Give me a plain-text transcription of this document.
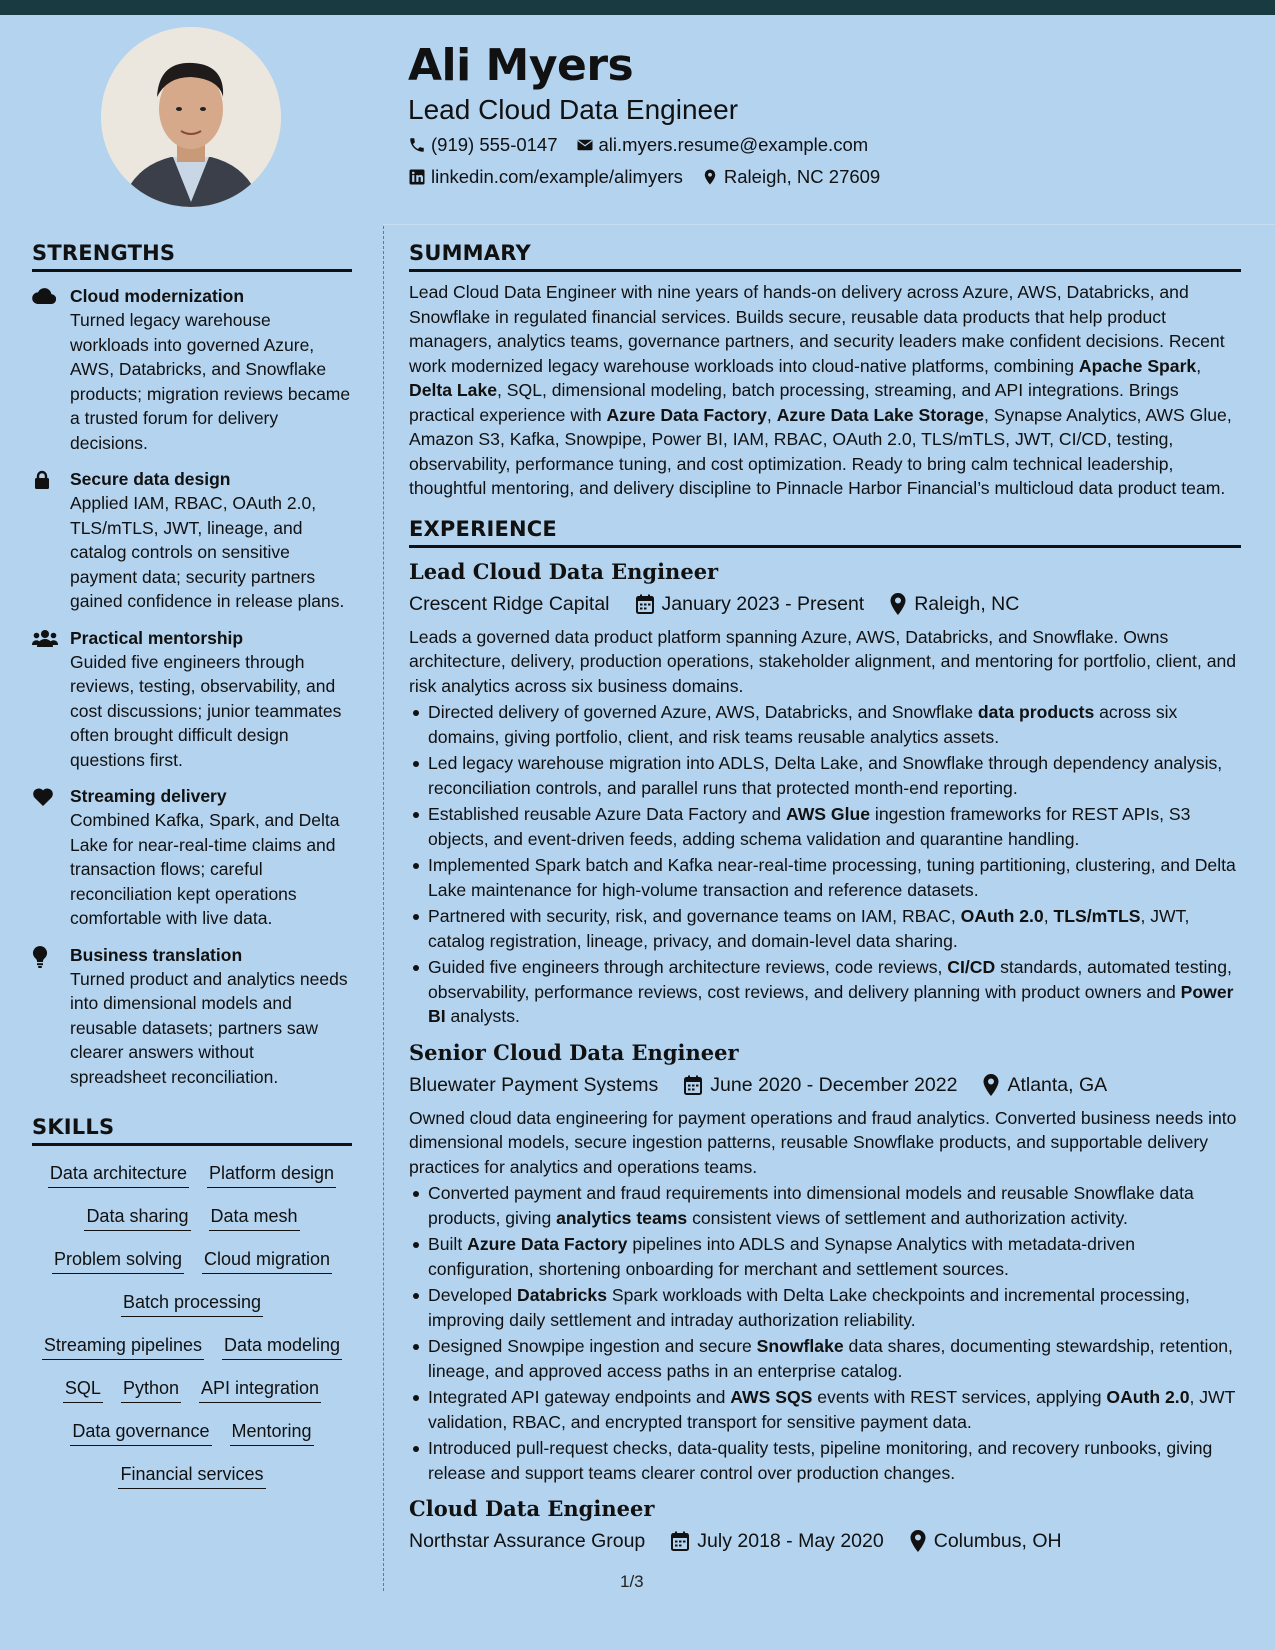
Ali Myers
Lead Cloud Data Engineer
(919) 555-0147 ali.myers.resume@example.com
linkedin.com/example/alimyers Raleigh, NC 27609
STRENGTHS
Cloud modernization
Turned legacy warehouse workloads into governed Azure, AWS, Databricks, and Snowflake products; migration reviews became a trusted forum for delivery decisions.
Secure data design
Applied IAM, RBAC, OAuth 2.0, TLS/mTLS, JWT, lineage, and catalog controls on sensitive payment data; security partners gained confidence in release plans.
Practical mentorship
Guided five engineers through reviews, testing, observability, and cost discussions; junior teammates often brought difficult design questions first.
Streaming delivery
Combined Kafka, Spark, and Delta Lake for near-real-time claims and transaction flows; careful reconciliation kept operations comfortable with live data.
Business translation
Turned product and analytics needs into dimensional models and reusable datasets; partners saw clearer answers without spreadsheet reconciliation.
SKILLS
Data architecture Platform design
Data sharing Data mesh
Problem solving Cloud migration
Batch processing
Streaming pipelines Data modeling
SQL Python API integration
Data governance Mentoring
Financial services
SUMMARY
Lead Cloud Data Engineer with nine years of hands-on delivery across Azure, AWS, Databricks, and Snowflake in regulated financial services. Builds secure, reusable data products that help product managers, analytics teams, governance partners, and security leaders make confident decisions. Recent work modernized legacy warehouse workloads into cloud-native platforms, combining Apache Spark, Delta Lake, SQL, dimensional modeling, batch processing, streaming, and API integrations. Brings practical experience with Azure Data Factory, Azure Data Lake Storage, Synapse Analytics, AWS Glue, Amazon S3, Kafka, Snowpipe, Power BI, IAM, RBAC, OAuth 2.0, TLS/mTLS, JWT, CI/CD, testing, observability, performance tuning, and cost optimization. Ready to bring calm technical leadership, thoughtful mentoring, and delivery discipline to Pinnacle Harbor Financial’s multicloud data product team.
EXPERIENCE
Lead Cloud Data Engineer
Crescent Ridge Capital	January 2023 - Present	Raleigh, NC
Leads a governed data product platform spanning Azure, AWS, Databricks, and Snowflake. Owns architecture, delivery, production operations, stakeholder alignment, and mentoring for portfolio, client, and risk analytics across six business domains.
Directed delivery of governed Azure, AWS, Databricks, and Snowflake data products across six domains, giving portfolio, client, and risk teams reusable analytics assets.
Led legacy warehouse migration into ADLS, Delta Lake, and Snowflake through dependency analysis, reconciliation controls, and parallel runs that protected month-end reporting.
Established reusable Azure Data Factory and AWS Glue ingestion frameworks for REST APIs, S3 objects, and event-driven feeds, adding schema validation and quarantine handling.
Implemented Spark batch and Kafka near-real-time processing, tuning partitioning, clustering, and Delta Lake maintenance for high-volume transaction and reference datasets.
Partnered with security, risk, and governance teams on IAM, RBAC, OAuth 2.0, TLS/mTLS, JWT, catalog registration, lineage, privacy, and domain-level data sharing.
Guided five engineers through architecture reviews, code reviews, CI/CD standards, automated testing, observability, performance reviews, cost reviews, and delivery planning with product owners and Power BI analysts.
Senior Cloud Data Engineer
Bluewater Payment Systems	June 2020 - December 2022	Atlanta, GA
Owned cloud data engineering for payment operations and fraud analytics. Converted business needs into dimensional models, secure ingestion patterns, reusable Snowflake products, and supportable delivery practices for analytics and operations teams.
Converted payment and fraud requirements into dimensional models and reusable Snowflake data products, giving analytics teams consistent views of settlement and authorization activity.
Built Azure Data Factory pipelines into ADLS and Synapse Analytics with metadata-driven configuration, shortening onboarding for merchant and settlement sources.
Developed Databricks Spark workloads with Delta Lake checkpoints and incremental processing, improving daily settlement and intraday authorization reliability.
Designed Snowpipe ingestion and secure Snowflake data shares, documenting stewardship, retention, lineage, and approved access paths in an enterprise catalog.
Integrated API gateway endpoints and AWS SQS events with REST services, applying OAuth 2.0, JWT validation, RBAC, and encrypted transport for sensitive payment data.
Introduced pull-request checks, data-quality tests, pipeline monitoring, and recovery runbooks, giving release and support teams clearer control over production changes.
Cloud Data Engineer
Northstar Assurance Group	July 2018 - May 2020	Columbus, OH
1/3
